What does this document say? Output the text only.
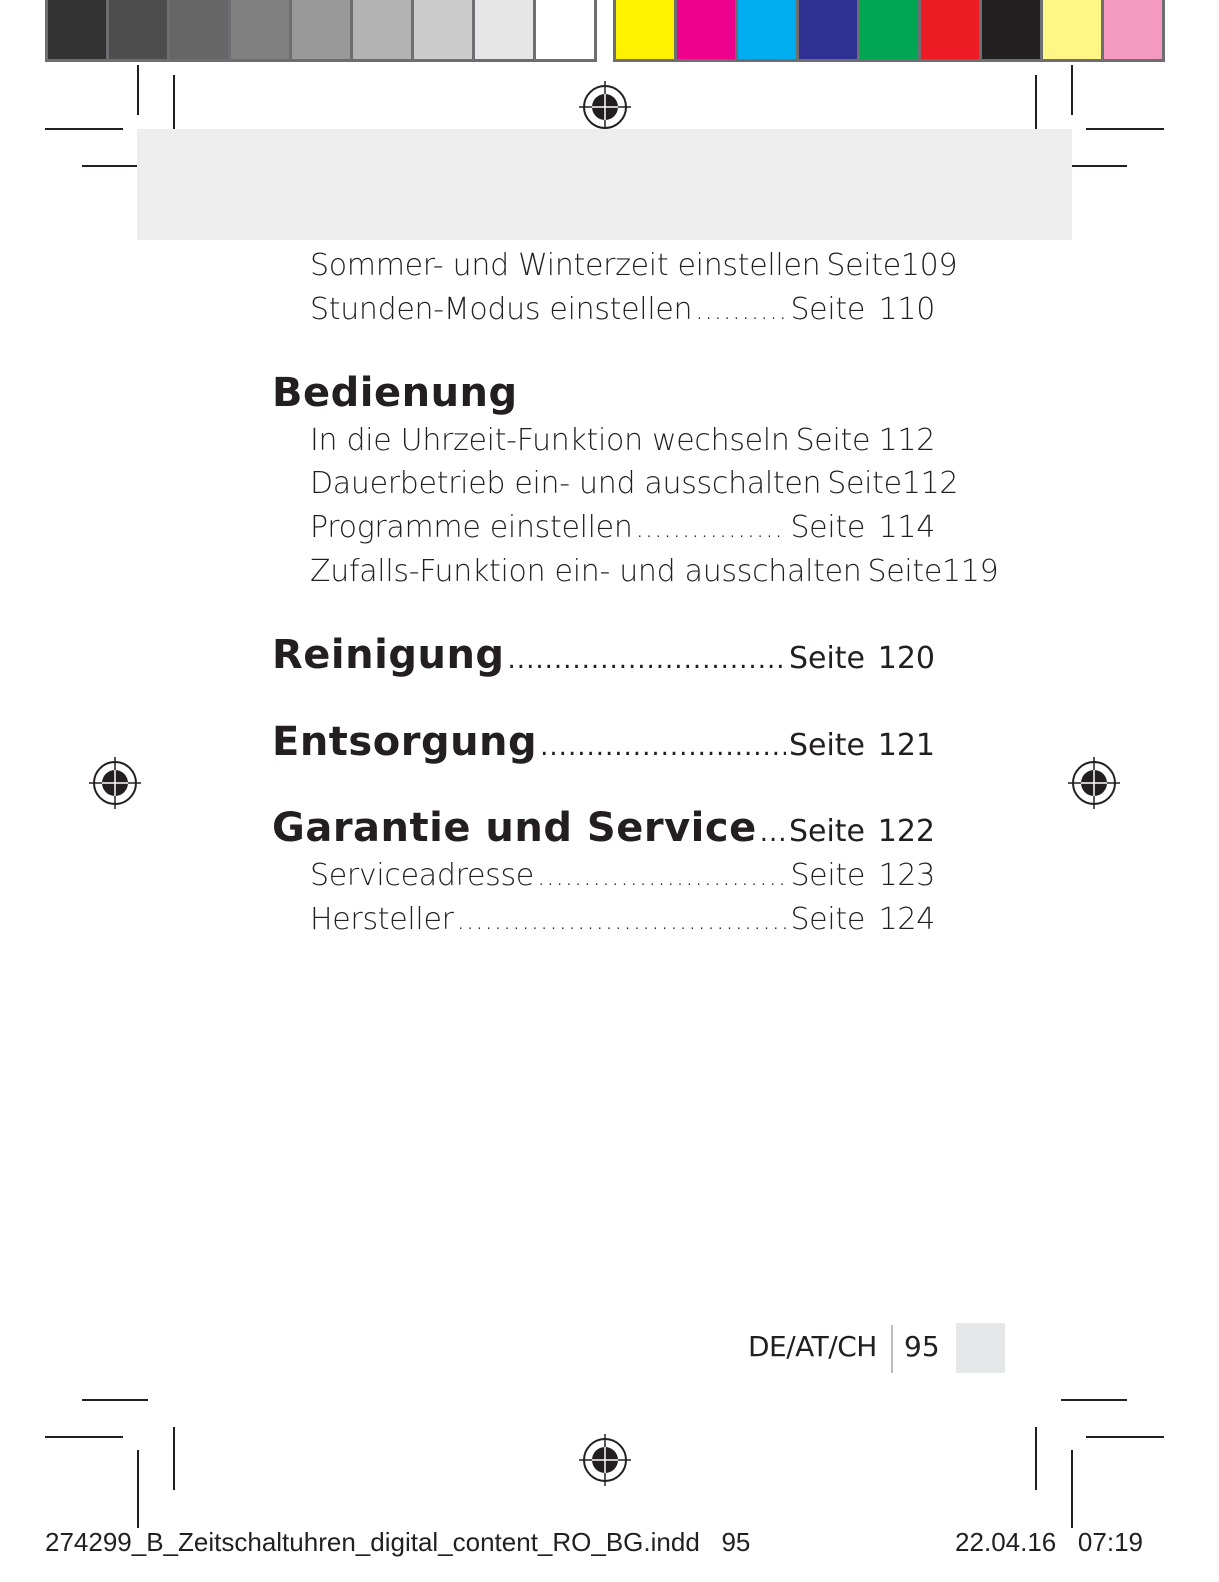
Sommer- und Winterzeit einstellen Seite 109
Stunden-Modus einstellen .....	Seite 110
Bedienung
In die Uhrzeit-Funktion wechseln Seite 112
Dauerbetrieb ein- und ausschalten Seite 112
Programme einstellen .....	Seite 114
Zufalls-Funktion ein- und ausschalten Seite 119
Reinigung .....	Seite 120
Entsorgung .....	Seite 121
Garantie und Service ..... Seite 122
Serviceadresse .....	Seite 123
Hersteller .....	Seite 124
DE/AT/CH 95
274299_B_Zeitschaltuhren_digital_content_RO_BG.indd   95	22.04.16   07:19
